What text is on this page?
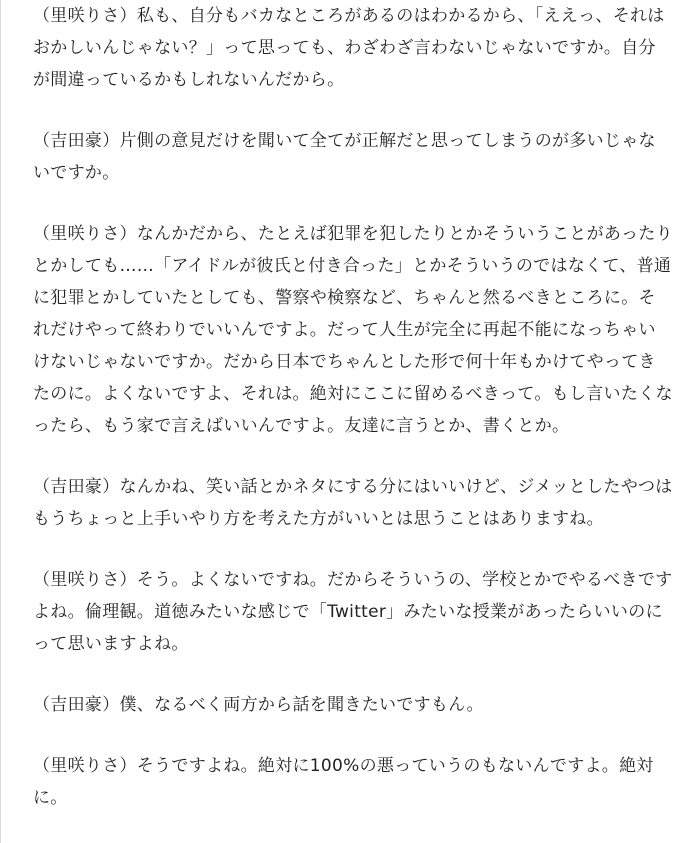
（里咲りさ）私も、自分もバカなところがあるのはわかるから、「ええっ、それはおかしいんじゃない？」って思っても、わざわざ言わないじゃないですか。自分が間違っているかもしれないんだから。

（吉田豪）片側の意見だけを聞いて全てが正解だと思ってしまうのが多いじゃないですか。

（里咲りさ）なんかだから、たとえば犯罪を犯したりとかそういうことがあったりとかしても……「アイドルが彼氏と付き合った」とかそういうのではなくて、普通に犯罪とかしていたとしても、警察や検察など、ちゃんと然るべきところに。それだけやって終わりでいいんですよ。だって人生が完全に再起不能になっちゃいけないじゃないですか。だから日本でちゃんとした形で何十年もかけてやってきたのに。よくないですよ、それは。絶対にここに留めるべきって。もし言いたくなったら、もう家で言えばいいんですよ。友達に言うとか、書くとか。

（吉田豪）なんかね、笑い話とかネタにする分にはいいけど、ジメッとしたやつはもうちょっと上手いやり方を考えた方がいいとは思うことはありますね。

（里咲りさ）そう。よくないですね。だからそういうの、学校とかでやるべきですよね。倫理観。道徳みたいな感じで「Twitter」みたいな授業があったらいいのにって思いますよね。

（吉田豪）僕、なるべく両方から話を聞きたいですもん。

（里咲りさ）そうですよね。絶対に100%の悪っていうのもないんですよ。絶対に。
